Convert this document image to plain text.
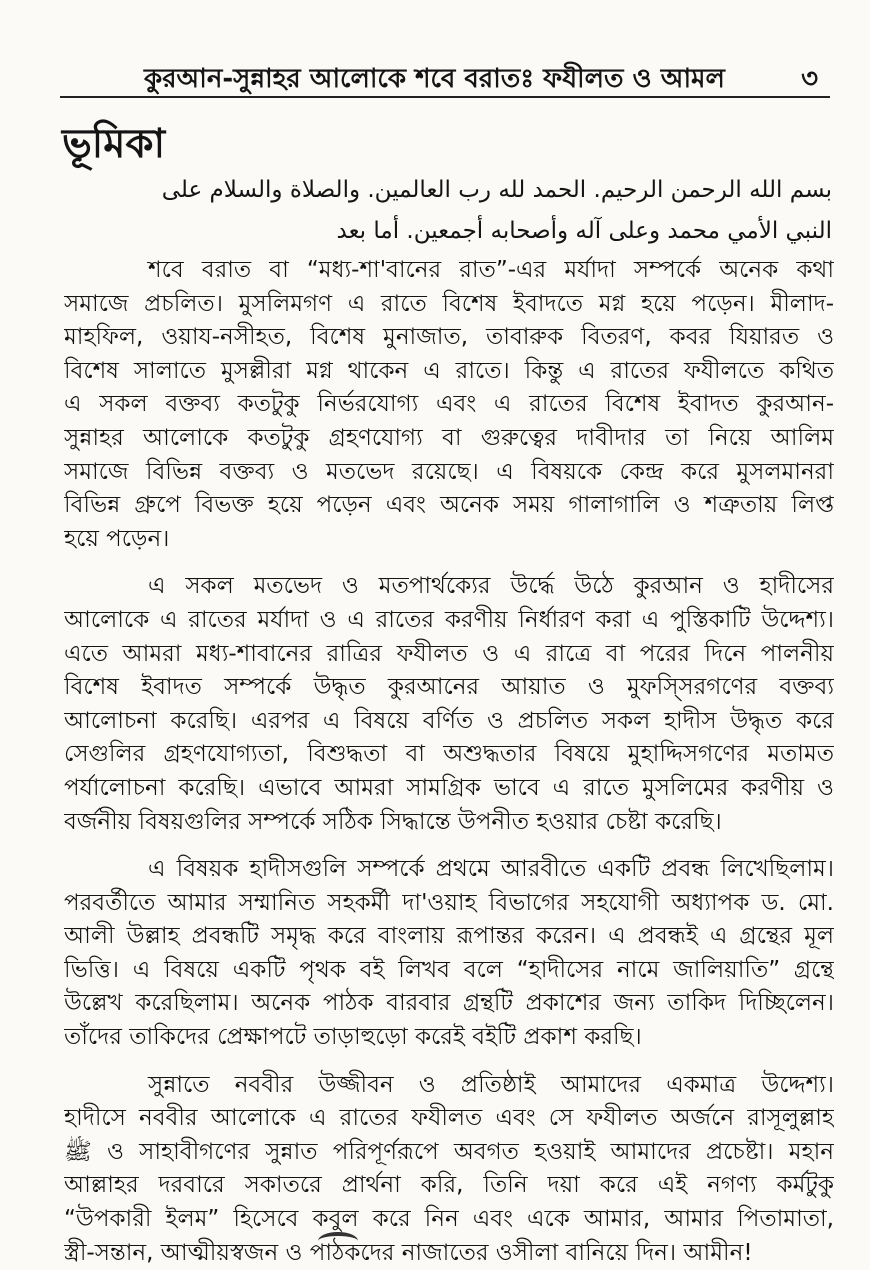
কুরআন-সুন্নাহর আলোকে শবে বরাতঃ ফযীলত ও আমল	৩
ভূমিকা
بسم الله الرحمن الرحيم. الحمد لله رب العالمين. والصلاة والسلام على
النبي الأمي محمد وعلى آله وأصحابه أجمعين. أما بعد
শবে বরাত বা “মধ্য-শা'বানের রাত”-এর মর্যাদা সম্পর্কে অনেক কথা
সমাজে প্রচলিত। মুসলিমগণ এ রাতে বিশেষ ইবাদতে মগ্ন হয়ে পড়েন। মীলাদ-
মাহফিল, ওয়ায-নসীহত, বিশেষ মুনাজাত, তাবারুক বিতরণ, কবর যিয়ারত ও
বিশেষ সালাতে মুসল্লীরা মগ্ন থাকেন এ রাতে। কিন্তু এ রাতের ফযীলতে কথিত
এ সকল বক্তব্য কতটুকু নির্ভরযোগ্য এবং এ রাতের বিশেষ ইবাদত কুরআন-
সুন্নাহর আলোকে কতটুকু গ্রহণযোগ্য বা গুরুত্বের দাবীদার তা নিয়ে আলিম
সমাজে বিভিন্ন বক্তব্য ও মতভেদ রয়েছে। এ বিষয়কে কেন্দ্র করে মুসলমানরা
বিভিন্ন গ্রুপে বিভক্ত হয়ে পড়েন এবং অনেক সময় গালাগালি ও শত্রুতায় লিপ্ত
হয়ে পড়েন।
এ সকল মতভেদ ও মতপার্থক্যের উর্দ্ধে উঠে কুরআন ও হাদীসের
আলোকে এ রাতের মর্যাদা ও এ রাতের করণীয় নির্ধারণ করা এ পুস্তিকাটি উদ্দেশ্য।
এতে আমরা মধ্য-শাবানের রাত্রির ফযীলত ও এ রাত্রে বা পরের দিনে পালনীয়
বিশেষ ইবাদত সম্পর্কে উদ্ধৃত কুরআনের আয়াত ও মুফস্সিরগণের বক্তব্য
আলোচনা করেছি। এরপর এ বিষয়ে বর্ণিত ও প্রচলিত সকল হাদীস উদ্ধৃত করে
সেগুলির গ্রহণযোগ্যতা, বিশুদ্ধতা বা অশুদ্ধতার বিষয়ে মুহাদ্দিসগণের মতামত
পর্যালোচনা করেছি। এভাবে আমরা সামগ্রিক ভাবে এ রাতে মুসলিমের করণীয় ও
বর্জনীয় বিষয়গুলির সম্পর্কে সঠিক সিদ্ধান্তে উপনীত হওয়ার চেষ্টা করেছি।
এ বিষয়ক হাদীসগুলি সম্পর্কে প্রথমে আরবীতে একটি প্রবন্ধ লিখেছিলাম।
পরবর্তীতে আমার সম্মানিত সহকর্মী দা'ওয়াহ বিভাগের সহযোগী অধ্যাপক ড. মো.
আলী উল্লাহ প্রবন্ধটি সমৃদ্ধ করে বাংলায় রূপান্তর করেন। এ প্রবন্ধই এ গ্রন্থের মূল
ভিত্তি। এ বিষয়ে একটি পৃথক বই লিখব বলে “হাদীসের নামে জালিয়াতি” গ্রন্থে
উল্লেখ করেছিলাম। অনেক পাঠক বারবার গ্রন্থটি প্রকাশের জন্য তাকিদ দিচ্ছিলেন।
তাঁদের তাকিদের প্রেক্ষাপটে তাড়াহুড়ো করেই বইটি প্রকাশ করছি।
সুন্নাতে নববীর উজ্জীবন ও প্রতিষ্ঠাই আমাদের একমাত্র উদ্দেশ্য।
হাদীসে নববীর আলোকে এ রাতের ফযীলত এবং সে ফযীলত অর্জনে রাসূলুল্লাহ
ﷺ ও সাহাবীগণের সুন্নাত পরিপূর্ণরূপে অবগত হওয়াই আমাদের প্রচেষ্টা। মহান
আল্লাহর দরবারে সকাতরে প্রার্থনা করি, তিনি দয়া করে এই নগণ্য কর্মটুকু
“উপকারী ইলম” হিসেবে কবুল করে নিন এবং একে আমার, আমার পিতামাতা,
স্ত্রী-সন্তান, আত্মীয়স্বজন ও পাঠকদের নাজাতের ওসীলা বানিয়ে দিন। আমীন!
